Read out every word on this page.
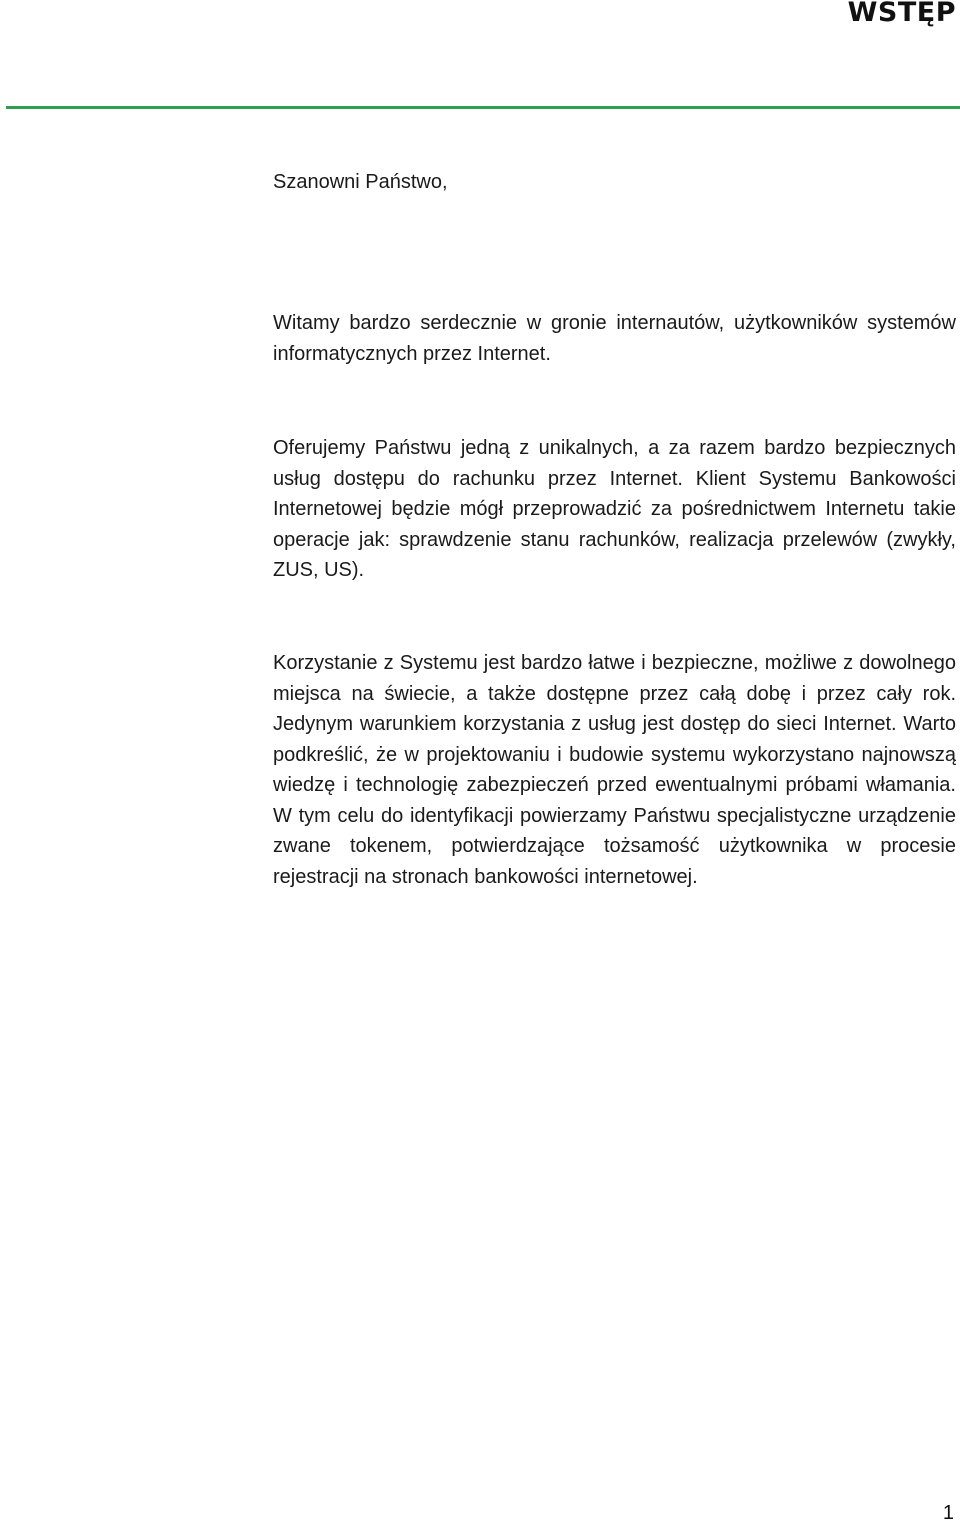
WSTĘP

Szanowni Państwo,

Witamy bardzo serdecznie w gronie internautów, użytkowników systemów informatycznych przez Internet.

Oferujemy Państwu jedną z unikalnych, a za razem bardzo bezpiecznych usług dostępu do rachunku przez Internet. Klient Systemu Bankowości Internetowej będzie mógł przeprowadzić za pośrednictwem Internetu takie operacje jak: sprawdzenie stanu rachunków, realizacja przelewów (zwykły, ZUS, US).

Korzystanie z Systemu jest bardzo łatwe i bezpieczne, możliwe z dowolnego miejsca na świecie, a także dostępne przez całą dobę i przez cały rok. Jedynym warunkiem korzystania z usług jest dostęp do sieci Internet. Warto podkreślić, że w projektowaniu i budowie systemu wykorzystano najnowszą wiedzę i technologię zabezpieczeń przed ewentualnymi próbami włamania. W tym celu do identyfikacji powierzamy Państwu specjalistyczne urządzenie zwane tokenem, potwierdzające tożsamość użytkownika w procesie rejestracji na stronach bankowości internetowej.

1
